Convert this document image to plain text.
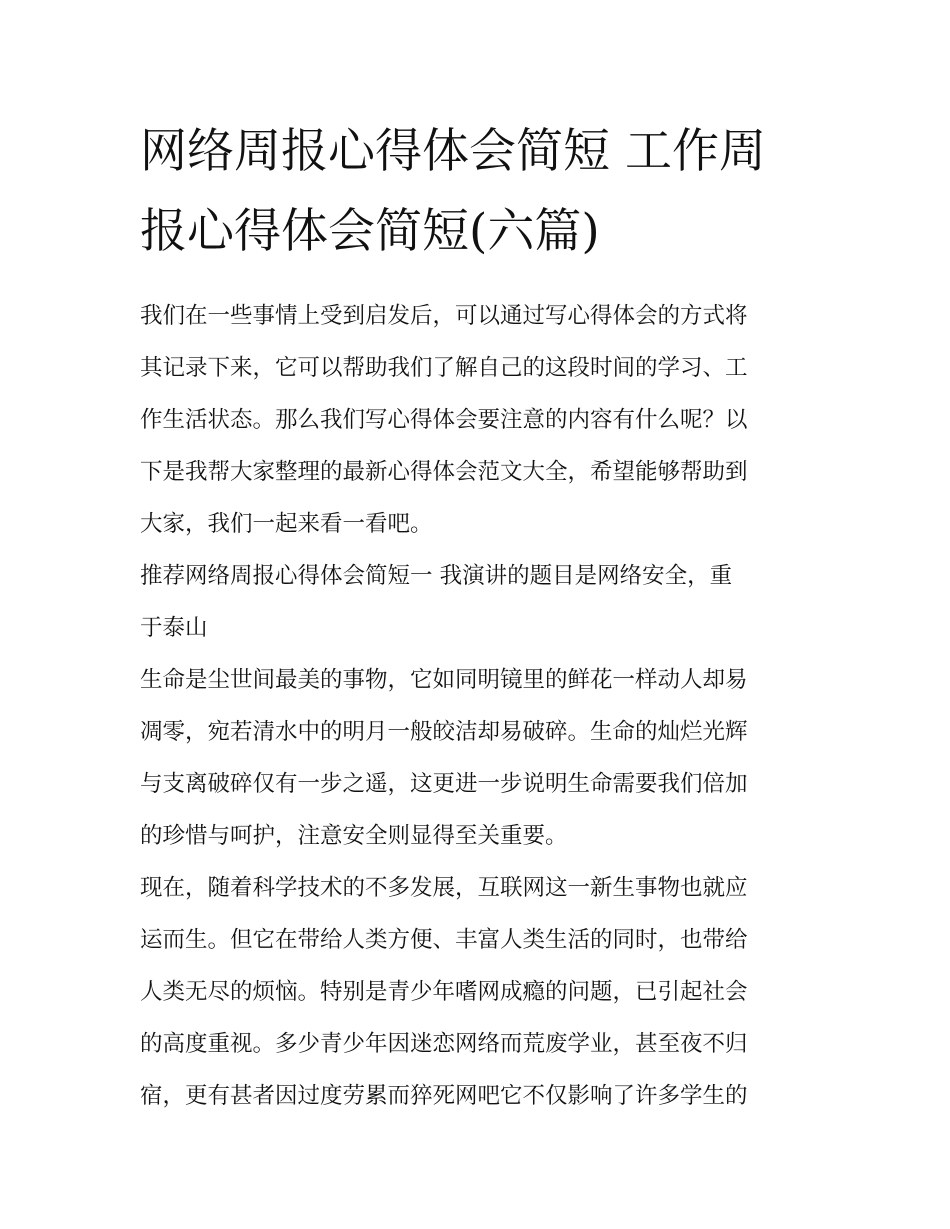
网络周报心得体会简短 工作周
报心得体会简短(六篇)

我们在一些事情上受到启发后，可以通过写心得体会的方式将
其记录下来，它可以帮助我们了解自己的这段时间的学习、工
作生活状态。那么我们写心得体会要注意的内容有什么呢？以
下是我帮大家整理的最新心得体会范文大全，希望能够帮助到
大家，我们一起来看一看吧。

推荐网络周报心得体会简短一 我演讲的题目是网络安全，重
于泰山

生命是尘世间最美的事物，它如同明镜里的鲜花一样动人却易
凋零，宛若清水中的明月一般皎洁却易破碎。生命的灿烂光辉
与支离破碎仅有一步之遥，这更进一步说明生命需要我们倍加
的珍惜与呵护，注意安全则显得至关重要。

现在，随着科学技术的不多发展，互联网这一新生事物也就应
运而生。但它在带给人类方便、丰富人类生活的同时，也带给
人类无尽的烦恼。特别是青少年嗜网成瘾的问题，已引起社会
的高度重视。多少青少年因迷恋网络而荒废学业，甚至夜不归
宿，更有甚者因过度劳累而猝死网吧它不仅影响了许多学生的
